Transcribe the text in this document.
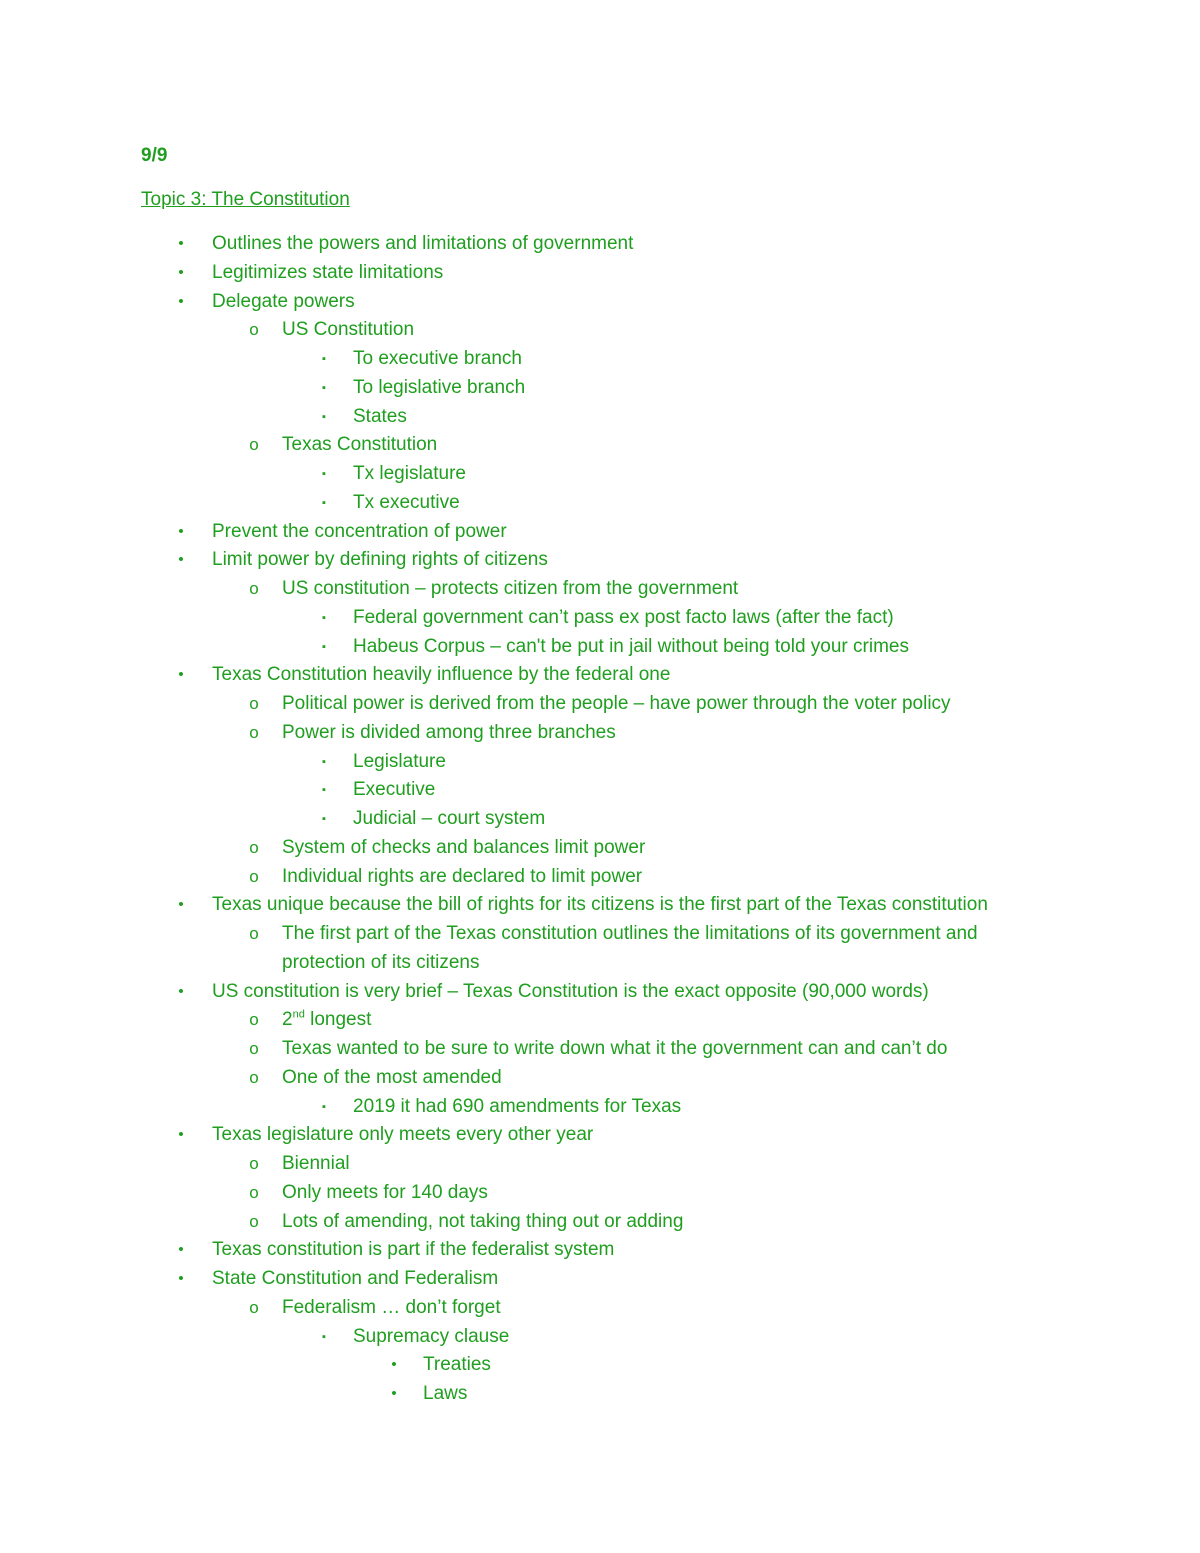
9/9
Topic 3: The Constitution
•	Outlines the powers and limitations of government
•	Legitimizes state limitations
•	Delegate powers
o US Constitution
▪	To executive branch
▪	To legislative branch
▪	States
o Texas Constitution
▪	Tx legislature
▪	Tx executive
•	Prevent the concentration of power
•	Limit power by defining rights of citizens
o US constitution – protects citizen from the government
▪	Federal government can’t pass ex post facto laws (after the fact)
▪	Habeus Corpus – can't be put in jail without being told your crimes
•	Texas Constitution heavily influence by the federal one
o Political power is derived from the people – have power through the voter policy
o Power is divided among three branches
▪	Legislature
▪	Executive
▪	Judicial – court system
o System of checks and balances limit power
o Individual rights are declared to limit power
•	Texas unique because the bill of rights for its citizens is the first part of the Texas constitution
o The first part of the Texas constitution outlines the limitations of its government and
protection of its citizens
•	US constitution is very brief – Texas Constitution is the exact opposite (90,000 words)
o 2nd longest
o Texas wanted to be sure to write down what it the government can and can’t do
o One of the most amended
▪	2019 it had 690 amendments for Texas
•	Texas legislature only meets every other year
o Biennial
o Only meets for 140 days
o Lots of amending, not taking thing out or adding
•	Texas constitution is part if the federalist system
•	State Constitution and Federalism
o Federalism … don’t forget
▪	Supremacy clause
•	Treaties
•	Laws
